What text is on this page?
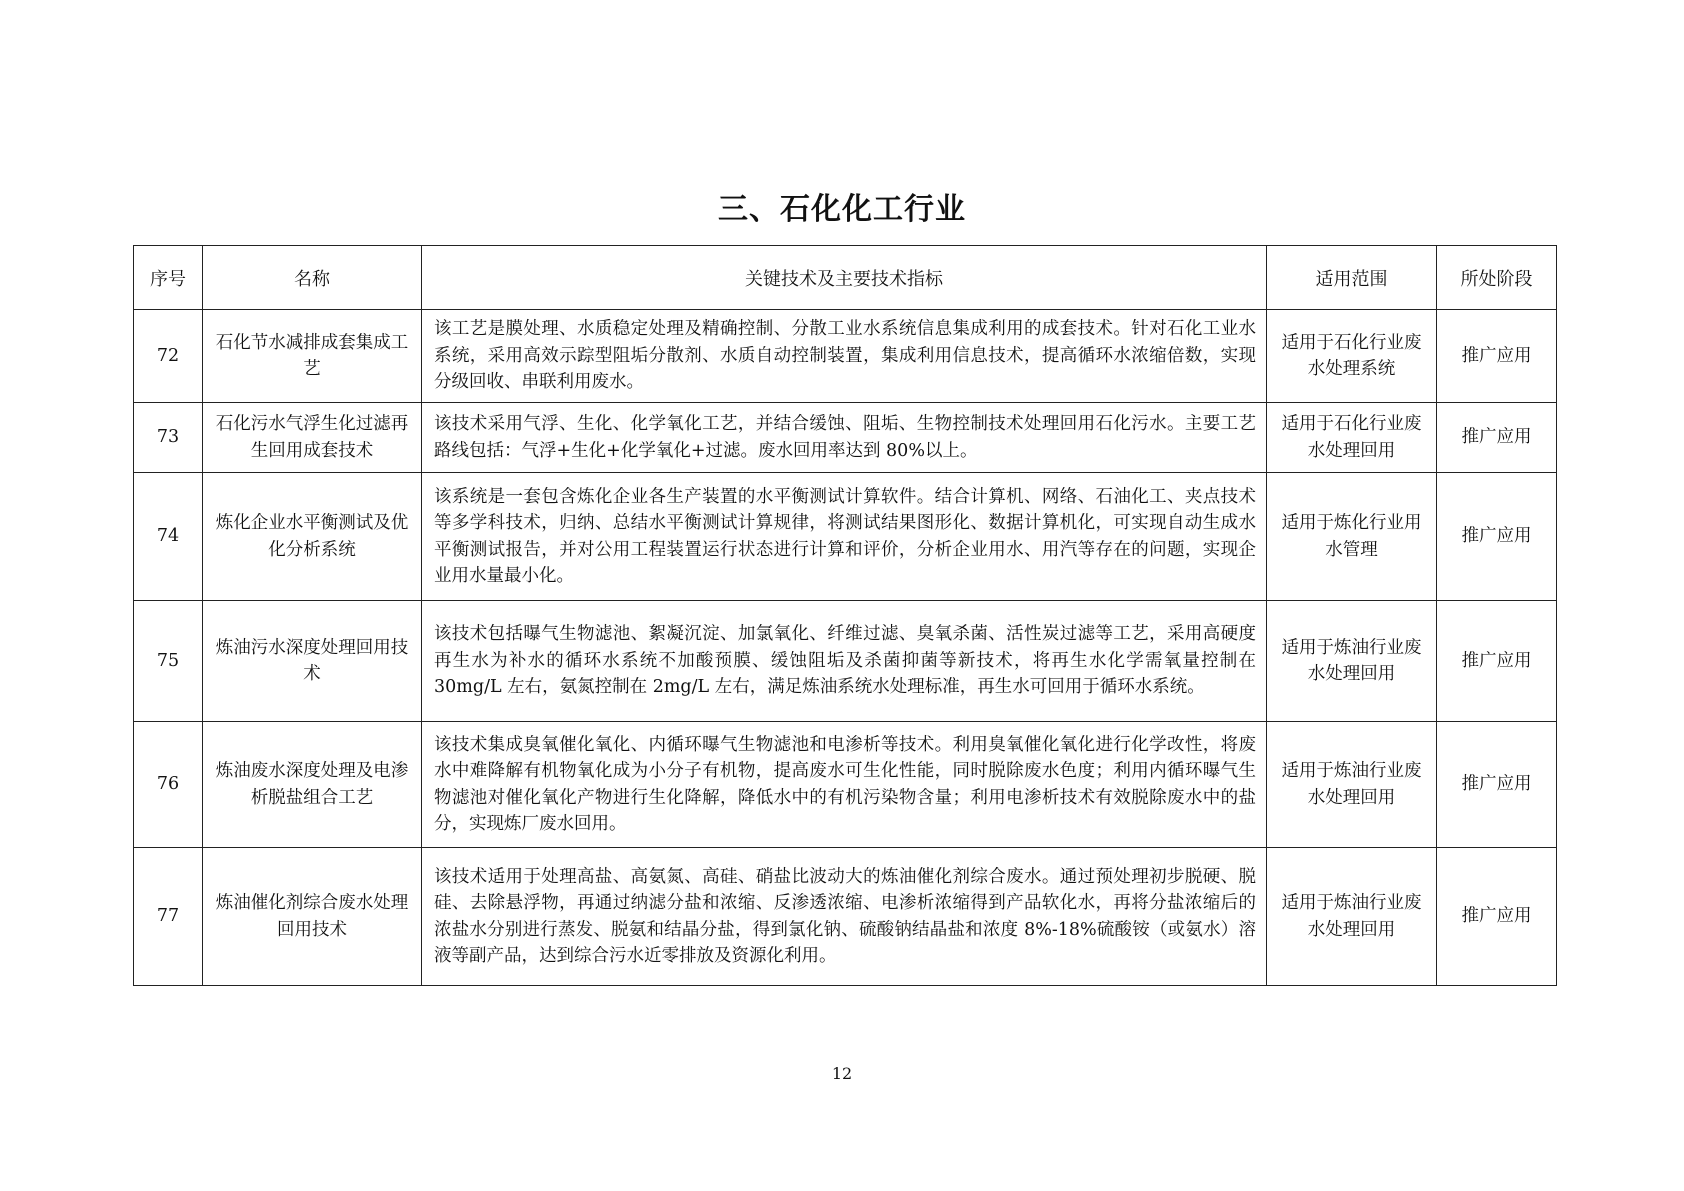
三、石化化工行业
序号	名称	关键技术及主要技术指标	适用范围	所处阶段
72	石化节水减排成套集成工艺	该工艺是膜处理、水质稳定处理及精确控制、分散工业水系统信息集成利用的成套技术。针对石化工业水系统，采用高效示踪型阻垢分散剂、水质自动控制装置，集成利用信息技术，提高循环水浓缩倍数，实现分级回收、串联利用废水。	适用于石化行业废水处理系统	推广应用
73	石化污水气浮生化过滤再生回用成套技术	该技术采用气浮、生化、化学氧化工艺，并结合缓蚀、阻垢、生物控制技术处理回用石化污水。主要工艺路线包括：气浮+生化+化学氧化+过滤。废水回用率达到 80%以上。	适用于石化行业废水处理回用	推广应用
74	炼化企业水平衡测试及优化分析系统	该系统是一套包含炼化企业各生产装置的水平衡测试计算软件。结合计算机、网络、石油化工、夹点技术等多学科技术，归纳、总结水平衡测试计算规律，将测试结果图形化、数据计算机化，可实现自动生成水平衡测试报告，并对公用工程装置运行状态进行计算和评价，分析企业用水、用汽等存在的问题，实现企业用水量最小化。	适用于炼化行业用水管理	推广应用
75	炼油污水深度处理回用技术	该技术包括曝气生物滤池、絮凝沉淀、加氯氧化、纤维过滤、臭氧杀菌、活性炭过滤等工艺，采用高硬度再生水为补水的循环水系统不加酸预膜、缓蚀阻垢及杀菌抑菌等新技术，将再生水化学需氧量控制在 30mg/L 左右，氨氮控制在 2mg/L 左右，满足炼油系统水处理标准，再生水可回用于循环水系统。	适用于炼油行业废水处理回用	推广应用
76	炼油废水深度处理及电渗析脱盐组合工艺	该技术集成臭氧催化氧化、内循环曝气生物滤池和电渗析等技术。利用臭氧催化氧化进行化学改性，将废水中难降解有机物氧化成为小分子有机物，提高废水可生化性能，同时脱除废水色度；利用内循环曝气生物滤池对催化氧化产物进行生化降解，降低水中的有机污染物含量；利用电渗析技术有效脱除废水中的盐分，实现炼厂废水回用。	适用于炼油行业废水处理回用	推广应用
77	炼油催化剂综合废水处理回用技术	该技术适用于处理高盐、高氨氮、高硅、硝盐比波动大的炼油催化剂综合废水。通过预处理初步脱硬、脱硅、去除悬浮物，再通过纳滤分盐和浓缩、反渗透浓缩、电渗析浓缩得到产品软化水，再将分盐浓缩后的浓盐水分别进行蒸发、脱氨和结晶分盐，得到氯化钠、硫酸钠结晶盐和浓度 8%-18%硫酸铵（或氨水）溶液等副产品，达到综合污水近零排放及资源化利用。	适用于炼油行业废水处理回用	推广应用
12
